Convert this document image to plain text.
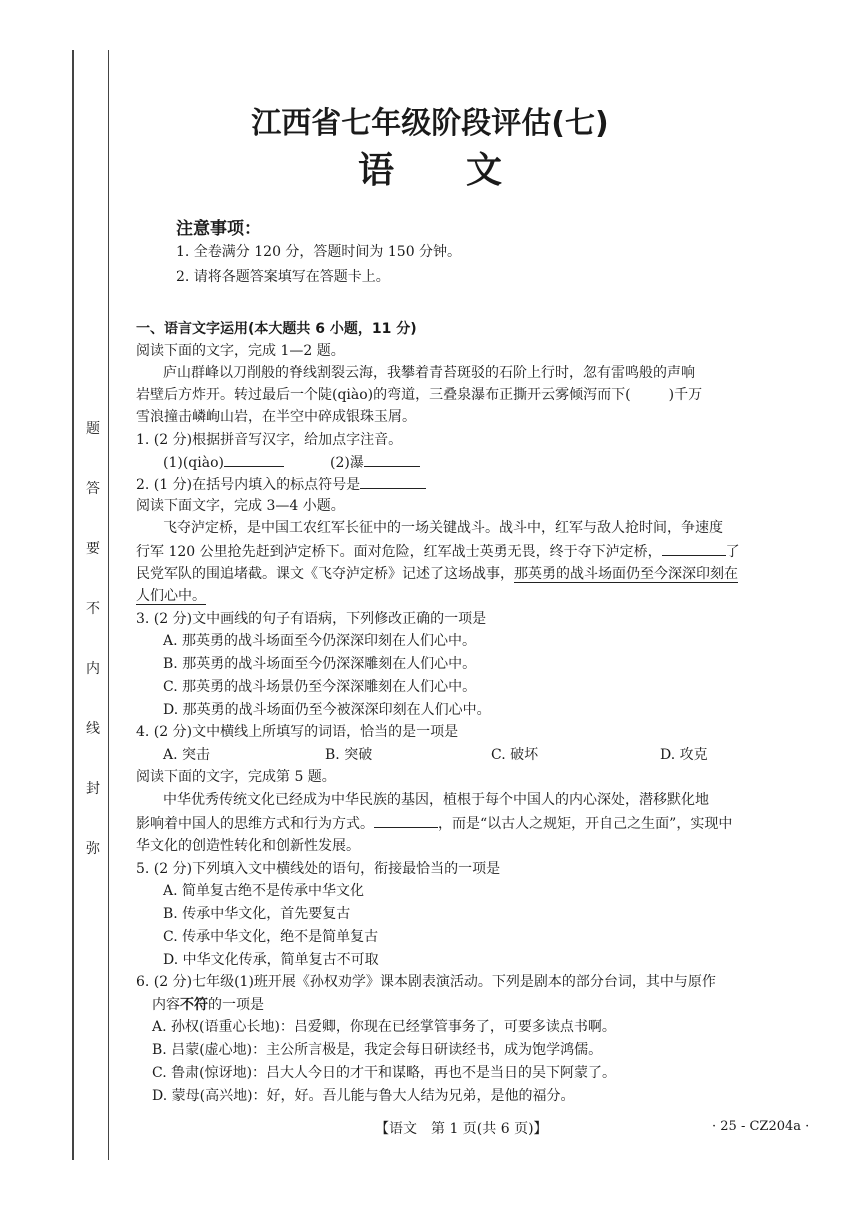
题
答
要
不
内
线
封
弥
江西省七年级阶段评估(七)
语　　文
注意事项：
1. 全卷满分 120 分，答题时间为 150 分钟。
2. 请将各题答案填写在答题卡上。
一、语言文字运用(本大题共 6 小题，11 分)
阅读下面的文字，完成 1—2 题。
庐山群峰以刀削般的脊线割裂云海，我攀着青苔斑驳的石阶上行时，忽有雷鸣般的声响
岩壁后方炸开。转过最后一个陡(qiào)的弯道，三叠泉瀑布正撕开云雾倾泻而下(	)千万
雪浪撞击嶙峋山岩，在半空中碎成银珠玉屑。
1. (2 分)根据拼音写汉字，给加点字注音。
(1)(qiào)	(2)瀑
2. (1 分)在括号内填入的标点符号是
阅读下面文字，完成 3—4 小题。
飞夺泸定桥，是中国工农红军长征中的一场关键战斗。战斗中，红军与敌人抢时间，争速度
行军 120 公里抢先赶到泸定桥下。面对危险，红军战士英勇无畏，终于夺下泸定桥，	了
民党军队的围追堵截。课文《飞夺泸定桥》记述了这场战事，那英勇的战斗场面仍至今深深印刻在
人们心中。
3. (2 分)文中画线的句子有语病，下列修改正确的一项是
A. 那英勇的战斗场面至今仍深深印刻在人们心中。
B. 那英勇的战斗场面至今仍深深雕刻在人们心中。
C. 那英勇的战斗场景仍至今深深雕刻在人们心中。
D. 那英勇的战斗场面仍至今被深深印刻在人们心中。
4. (2 分)文中横线上所填写的词语，恰当的是一项是
A. 突击	B. 突破	C. 破坏	D. 攻克
阅读下面的文字，完成第 5 题。
中华优秀传统文化已经成为中华民族的基因，植根于每个中国人的内心深处，潜移默化地
影响着中国人的思维方式和行为方式。	，而是“以古人之规矩，开自己之生面”，实现中
华文化的创造性转化和创新性发展。
5. (2 分)下列填入文中横线处的语句，衔接最恰当的一项是
A. 简单复古绝不是传承中华文化
B. 传承中华文化，首先要复古
C. 传承中华文化，绝不是简单复古
D. 中华文化传承，简单复古不可取
6. (2 分)七年级(1)班开展《孙权劝学》课本剧表演活动。下列是剧本的部分台词，其中与原作
内容不符的一项是
A. 孙权(语重心长地)：吕爱卿，你现在已经掌管事务了，可要多读点书啊。
B. 吕蒙(虚心地)：主公所言极是，我定会每日研读经书，成为饱学鸿儒。
C. 鲁肃(惊讶地)：吕大人今日的才干和谋略，再也不是当日的吴下阿蒙了。
D. 蒙母(高兴地)：好，好。吾儿能与鲁大人结为兄弟，是他的福分。
【语文　第 1 页(共 6 页)】	· 25 - CZ204a ·
